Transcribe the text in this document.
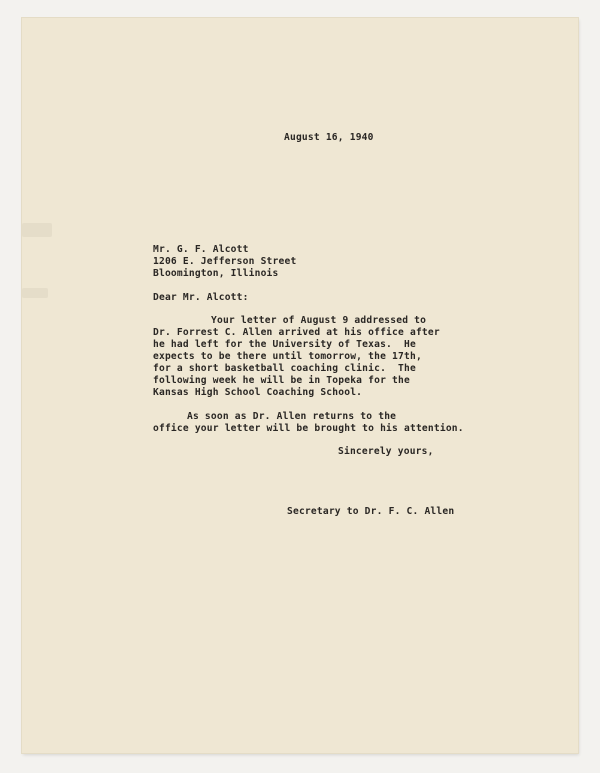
August 16, 1940

Mr. G. F. Alcott

1206 E. Jefferson Street

Bloomington, Illinois

Dear Mr. Alcott:

Your letter of August 9 addressed to

Dr. Forrest C. Allen arrived at his office after

he had left for the University of Texas.  He

expects to be there until tomorrow, the 17th,

for a short basketball coaching clinic.  The

following week he will be in Topeka for the

Kansas High School Coaching School.

As soon as Dr. Allen returns to the

office your letter will be brought to his attention.

Sincerely yours,

Secretary to Dr. F. C. Allen
